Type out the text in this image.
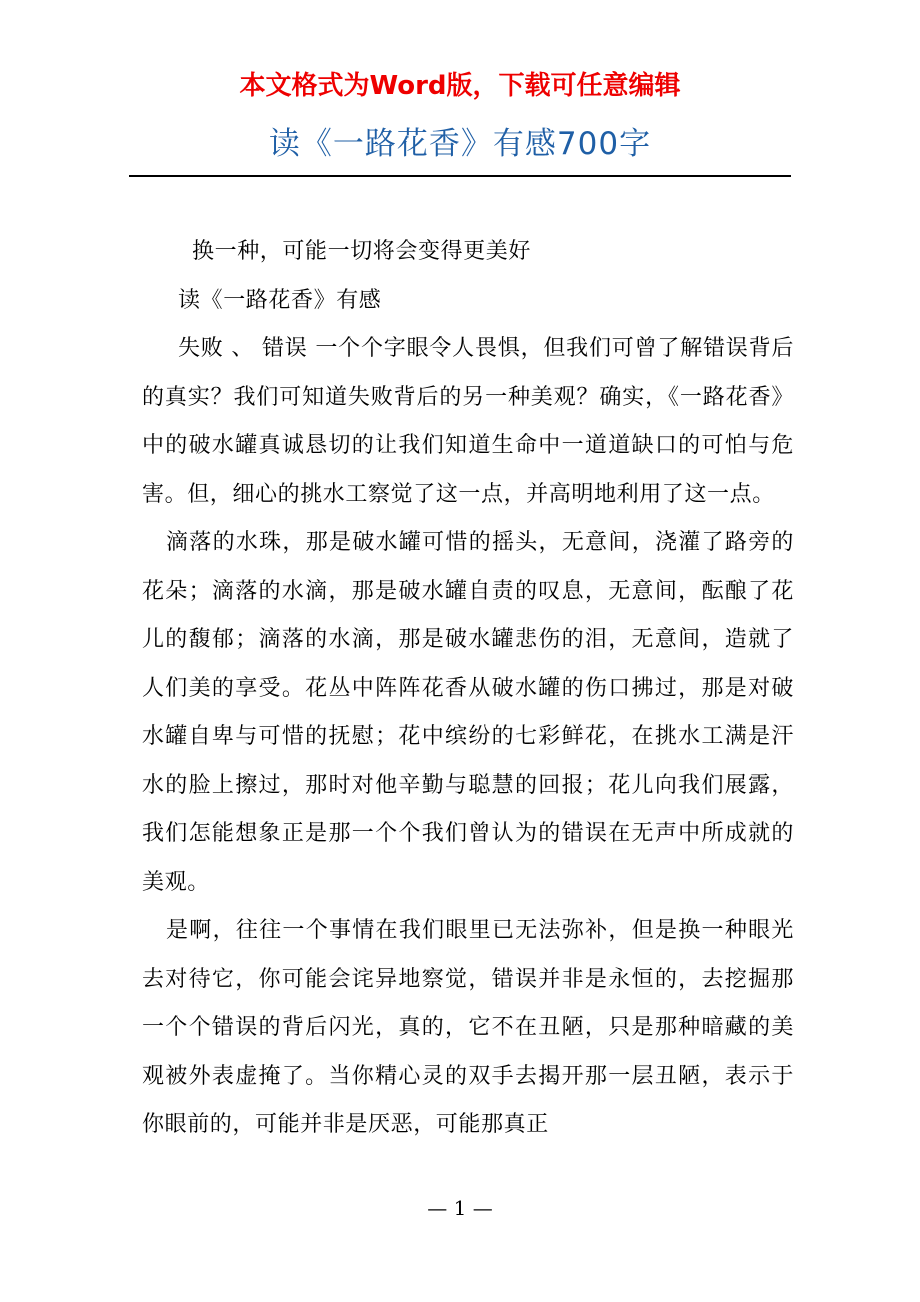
本文格式为Word版，下载可任意编辑
读《一路花香》有感700字

换一种，可能一切将会变得更美好

读《一路花香》有感

失败 、 错误 一个个字眼令人畏惧，但我们可曾了解错误背后的真实？我们可知道失败背后的另一种美观？确实，《一路花香》中的破水罐真诚恳切的让我们知道生命中一道道缺口的可怕与危害。但，细心的挑水工察觉了这一点，并高明地利用了这一点。

滴落的水珠，那是破水罐可惜的摇头，无意间，浇灌了路旁的花朵；滴落的水滴，那是破水罐自责的叹息，无意间，酝酿了花儿的馥郁；滴落的水滴，那是破水罐悲伤的泪，无意间，造就了人们美的享受。花丛中阵阵花香从破水罐的伤口拂过，那是对破水罐自卑与可惜的抚慰；花中缤纷的七彩鲜花，在挑水工满是汗水的脸上擦过，那时对他辛勤与聪慧的回报；花儿向我们展露，我们怎能想象正是那一个个我们曾认为的错误在无声中所成就的美观。

是啊，往往一个事情在我们眼里已无法弥补，但是换一种眼光去对待它，你可能会诧异地察觉，错误并非是永恒的，去挖掘那一个个错误的背后闪光，真的，它不在丑陋，只是那种暗藏的美观被外表虚掩了。当你精心灵的双手去揭开那一层丑陋，表示于你眼前的，可能并非是厌恶，可能那真正

— 1 —
